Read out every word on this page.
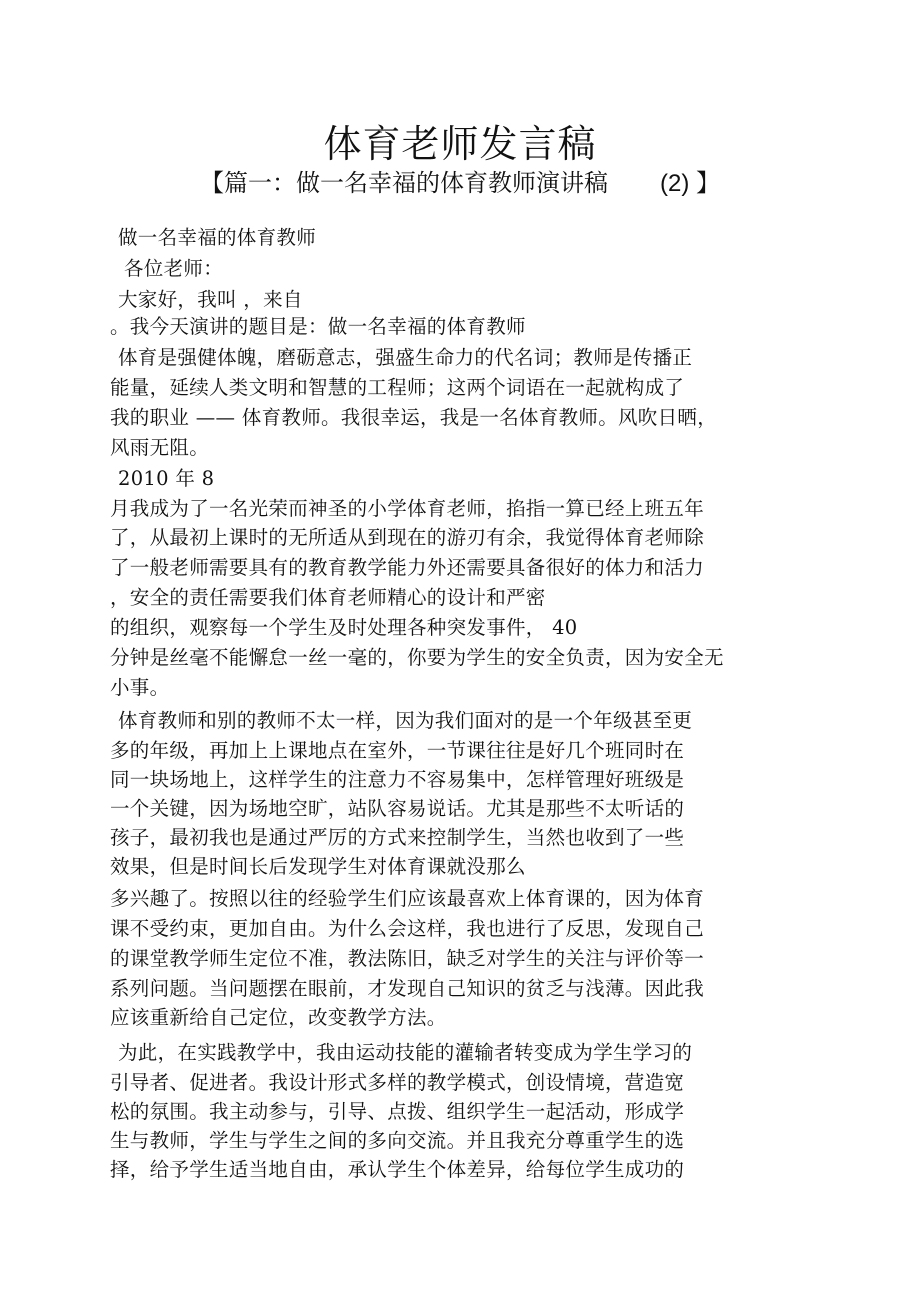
体育老师发言稿
【篇一：做一名幸福的体育教师演讲稿 (2) 】
做一名幸福的体育教师
各位老师：
大家好，我叫 ，来自
。我今天演讲的题目是：做一名幸福的体育教师
体育是强健体魄，磨砺意志，强盛生命力的代名词；教师是传播正
能量，延续人类文明和智慧的工程师；这两个词语在一起就构成了
我的职业 —— 体育教师。我很幸运，我是一名体育教师。风吹日晒，
风雨无阻。
2010 年 8
月我成为了一名光荣而神圣的小学体育老师，掐指一算已经上班五年
了，从最初上课时的无所适从到现在的游刃有余，我觉得体育老师除
了一般老师需要具有的教育教学能力外还需要具备很好的体力和活力
，安全的责任需要我们体育老师精心的设计和严密
的组织，观察每一个学生及时处理各种突发事件， 40
分钟是丝毫不能懈怠一丝一毫的，你要为学生的安全负责，因为安全无
小事。
体育教师和别的教师不太一样，因为我们面对的是一个年级甚至更
多的年级，再加上上课地点在室外，一节课往往是好几个班同时在
同一块场地上，这样学生的注意力不容易集中，怎样管理好班级是
一个关键，因为场地空旷，站队容易说话。尤其是那些不太听话的
孩子，最初我也是通过严厉的方式来控制学生，当然也收到了一些
效果，但是时间长后发现学生对体育课就没那么
多兴趣了。按照以往的经验学生们应该最喜欢上体育课的，因为体育
课不受约束，更加自由。为什么会这样，我也进行了反思，发现自己
的课堂教学师生定位不准，教法陈旧，缺乏对学生的关注与评价等一
系列问题。当问题摆在眼前，才发现自己知识的贫乏与浅薄。因此我
应该重新给自己定位，改变教学方法。
为此，在实践教学中，我由运动技能的灌输者转变成为学生学习的
引导者、促进者。我设计形式多样的教学模式，创设情境，营造宽
松的氛围。我主动参与，引导、点拨、组织学生一起活动，形成学
生与教师，学生与学生之间的多向交流。并且我充分尊重学生的选
择，给予学生适当地自由，承认学生个体差异，给每位学生成功的
